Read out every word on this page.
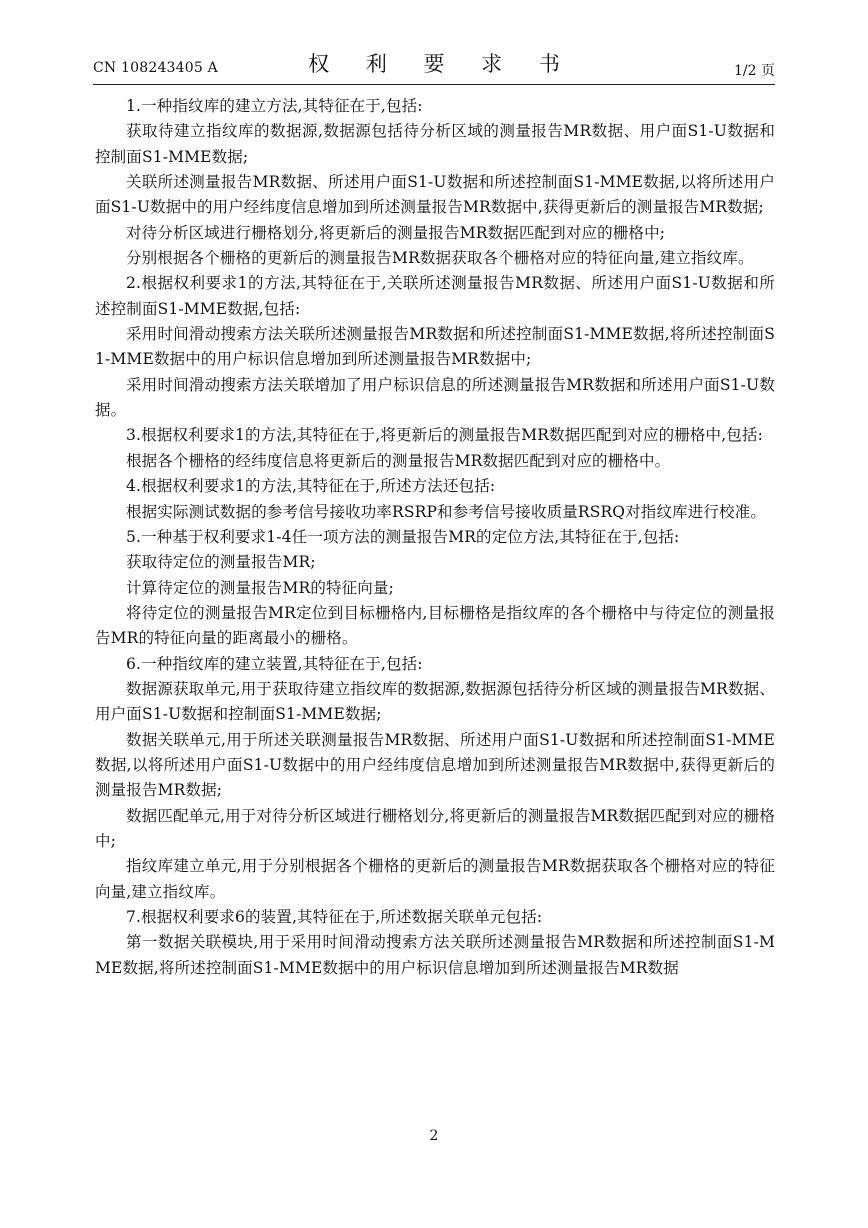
CN 108243405 A	权 利 要 求 书	1/2 页

1.一种指纹库的建立方法,其特征在于,包括:

获取待建立指纹库的数据源,数据源包括待分析区域的测量报告MR数据、用户面S1-U数据和控制面S1-MME数据;

关联所述测量报告MR数据、所述用户面S1-U数据和所述控制面S1-MME数据,以将所述用户面S1-U数据中的用户经纬度信息增加到所述测量报告MR数据中,获得更新后的测量报告MR数据;

对待分析区域进行栅格划分,将更新后的测量报告MR数据匹配到对应的栅格中;

分别根据各个栅格的更新后的测量报告MR数据获取各个栅格对应的特征向量,建立指纹库。

2.根据权利要求1的方法,其特征在于,关联所述测量报告MR数据、所述用户面S1-U数据和所述控制面S1-MME数据,包括:

采用时间滑动搜索方法关联所述测量报告MR数据和所述控制面S1-MME数据,将所述控制面S1-MME数据中的用户标识信息增加到所述测量报告MR数据中;

采用时间滑动搜索方法关联增加了用户标识信息的所述测量报告MR数据和所述用户面S1-U数据。

3.根据权利要求1的方法,其特征在于,将更新后的测量报告MR数据匹配到对应的栅格中,包括:

根据各个栅格的经纬度信息将更新后的测量报告MR数据匹配到对应的栅格中。

4.根据权利要求1的方法,其特征在于,所述方法还包括:

根据实际测试数据的参考信号接收功率RSRP和参考信号接收质量RSRQ对指纹库进行校准。

5.一种基于权利要求1-4任一项方法的测量报告MR的定位方法,其特征在于,包括:

获取待定位的测量报告MR;

计算待定位的测量报告MR的特征向量;

将待定位的测量报告MR定位到目标栅格内,目标栅格是指纹库的各个栅格中与待定位的测量报告MR的特征向量的距离最小的栅格。

6.一种指纹库的建立装置,其特征在于,包括:

数据源获取单元,用于获取待建立指纹库的数据源,数据源包括待分析区域的测量报告MR数据、用户面S1-U数据和控制面S1-MME数据;

数据关联单元,用于所述关联测量报告MR数据、所述用户面S1-U数据和所述控制面S1-MME数据,以将所述用户面S1-U数据中的用户经纬度信息增加到所述测量报告MR数据中,获得更新后的测量报告MR数据;

数据匹配单元,用于对待分析区域进行栅格划分,将更新后的测量报告MR数据匹配到对应的栅格中;

指纹库建立单元,用于分别根据各个栅格的更新后的测量报告MR数据获取各个栅格对应的特征向量,建立指纹库。

7.根据权利要求6的装置,其特征在于,所述数据关联单元包括:

第一数据关联模块,用于采用时间滑动搜索方法关联所述测量报告MR数据和所述控制面S1-MME数据,将所述控制面S1-MME数据中的用户标识信息增加到所述测量报告MR数据

2
